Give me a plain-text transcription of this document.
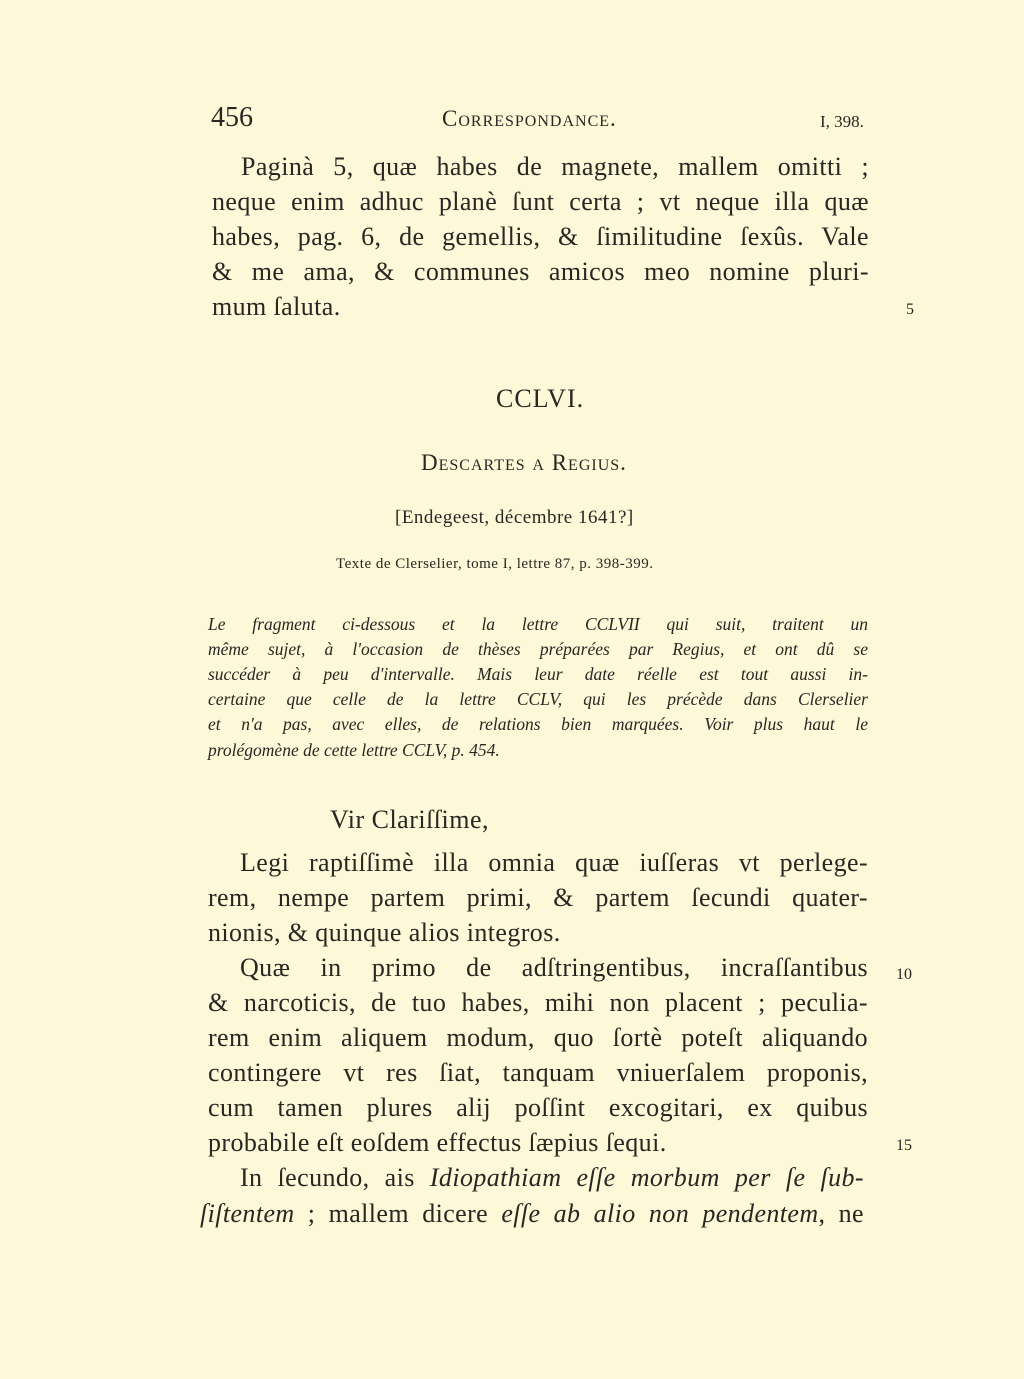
456	Correspondance.	I, 398.
Paginà 5, quæ habes de magnete, mallem omitti ;
neque enim adhuc planè ſunt certa ; vt neque illa quæ
habes, pag. 6, de gemellis, & ſimilitudine ſexûs. Vale
& me ama, & communes amicos meo nomine pluri-
mum ſaluta.	5
CCLVI.
Descartes a Regius.
[Endegeest, décembre 1641?]
Texte de Clerselier, tome I, lettre 87, p. 398-399.
Le fragment ci-dessous et la lettre CCLVII qui suit, traitent un
même sujet, à l'occasion de thèses préparées par Regius, et ont dû se
succéder à peu d'intervalle. Mais leur date réelle est tout aussi in-
certaine que celle de la lettre CCLV, qui les précède dans Clerselier
et n'a pas, avec elles, de relations bien marquées. Voir plus haut le
prolégomène de cette lettre CCLV, p. 454.
Vir Clariſſime,
Legi raptiſſimè illa omnia quæ iuſſeras vt perlege-
rem, nempe partem primi, & partem ſecundi quater-
nionis, & quinque alios integros.
Quæ in primo de adſtringentibus, incraſſantibus 10
& narcoticis, de tuo habes, mihi non placent ; peculia-
rem enim aliquem modum, quo ſortè poteſt aliquando
contingere vt res ſiat, tanquam vniuerſalem proponis,
cum tamen plures alij poſſint excogitari, ex quibus
probabile eſt eoſdem effectus ſæpius ſequi.	15
In ſecundo, ais Idiopathiam eſſe morbum per ſe ſub-
ſiſtentem ; mallem dicere eſſe ab alio non pendentem, ne
